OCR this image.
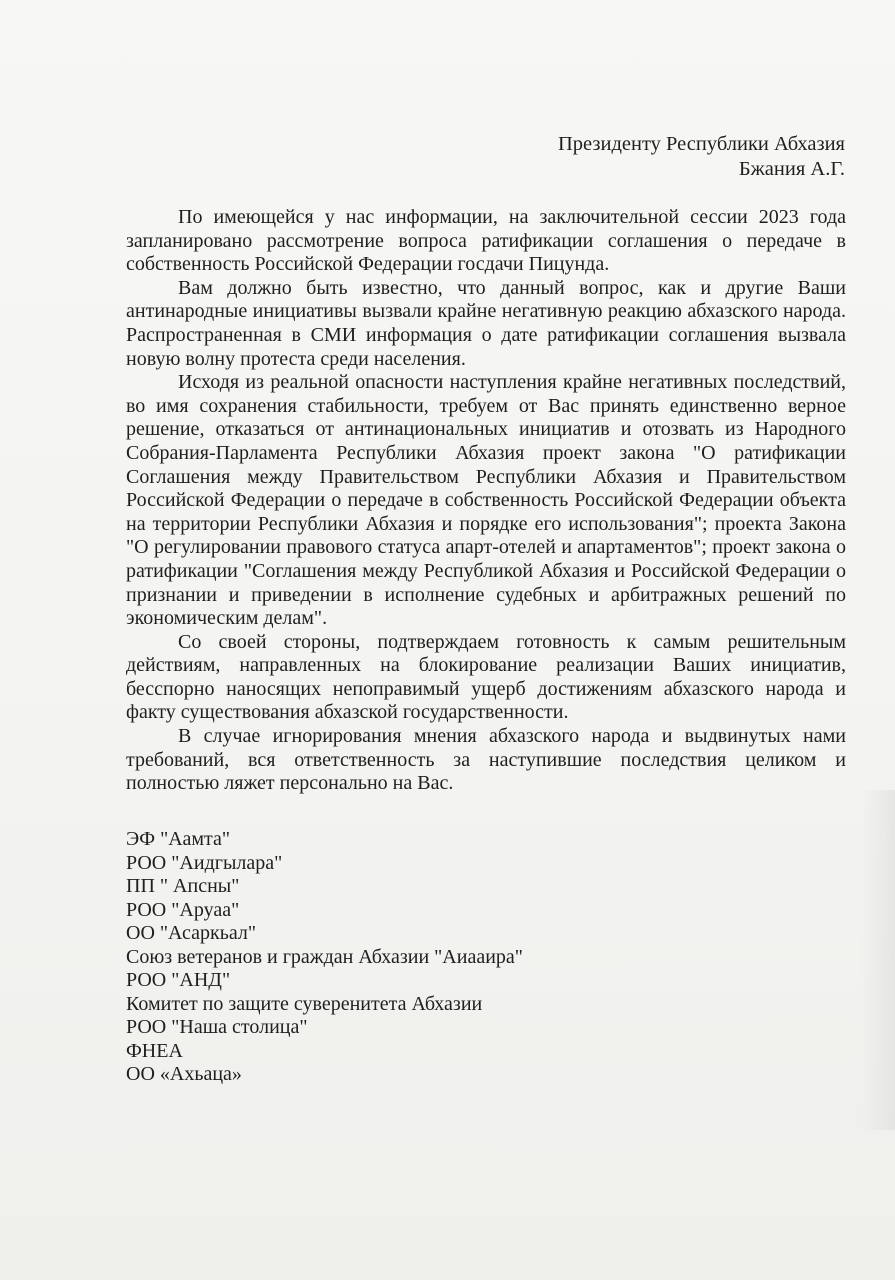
Президенту Республики Абхазия
Бжания А.Г.

По имеющейся у нас информации, на заключительной сессии 2023 года запланировано рассмотрение вопроса ратификации соглашения о передаче в собственность Российской Федерации госдачи Пицунда.

Вам должно быть известно, что данный вопрос, как и другие Ваши антинародные инициативы вызвали крайне негативную реакцию абхазского народа. Распространенная в СМИ информация о дате ратификации соглашения вызвала новую волну протеста среди населения.

Исходя из реальной опасности наступления крайне негативных последствий, во имя сохранения стабильности, требуем от Вас принять единственно верное решение, отказаться от антинациональных инициатив и отозвать из Народного Собрания-Парламента Республики Абхазия проект закона "О ратификации Соглашения между Правительством Республики Абхазия и Правительством Российской Федерации о передаче в собственность Российской Федерации объекта на территории Республики Абхазия и порядке его использования"; проекта Закона "О регулировании правового статуса апарт-отелей и апартаментов"; проект закона о ратификации "Соглашения между Республикой Абхазия и Российской Федерации о признании и приведении в исполнение судебных и арбитражных решений по экономическим делам".

Со своей стороны, подтверждаем готовность к самым решительным действиям, направленных на блокирование реализации Ваших инициатив, бесспорно наносящих непоправимый ущерб достижениям абхазского народа и факту существования абхазской государственности.

В случае игнорирования мнения абхазского народа и выдвинутых нами требований, вся ответственность за наступившие последствия целиком и полностью ляжет персонально на Вас.

ЭФ "Аамта"
РОО "Аидгылара"
ПП " Апсны"
РОО "Аруаа"
ОО "Асаркьал"
Союз ветеранов и граждан Абхазии "Аиааира"
РОО "АНД"
Комитет по защите суверенитета Абхазии
РОО "Наша столица"
ФНЕА
ОО «Ахьаца»
